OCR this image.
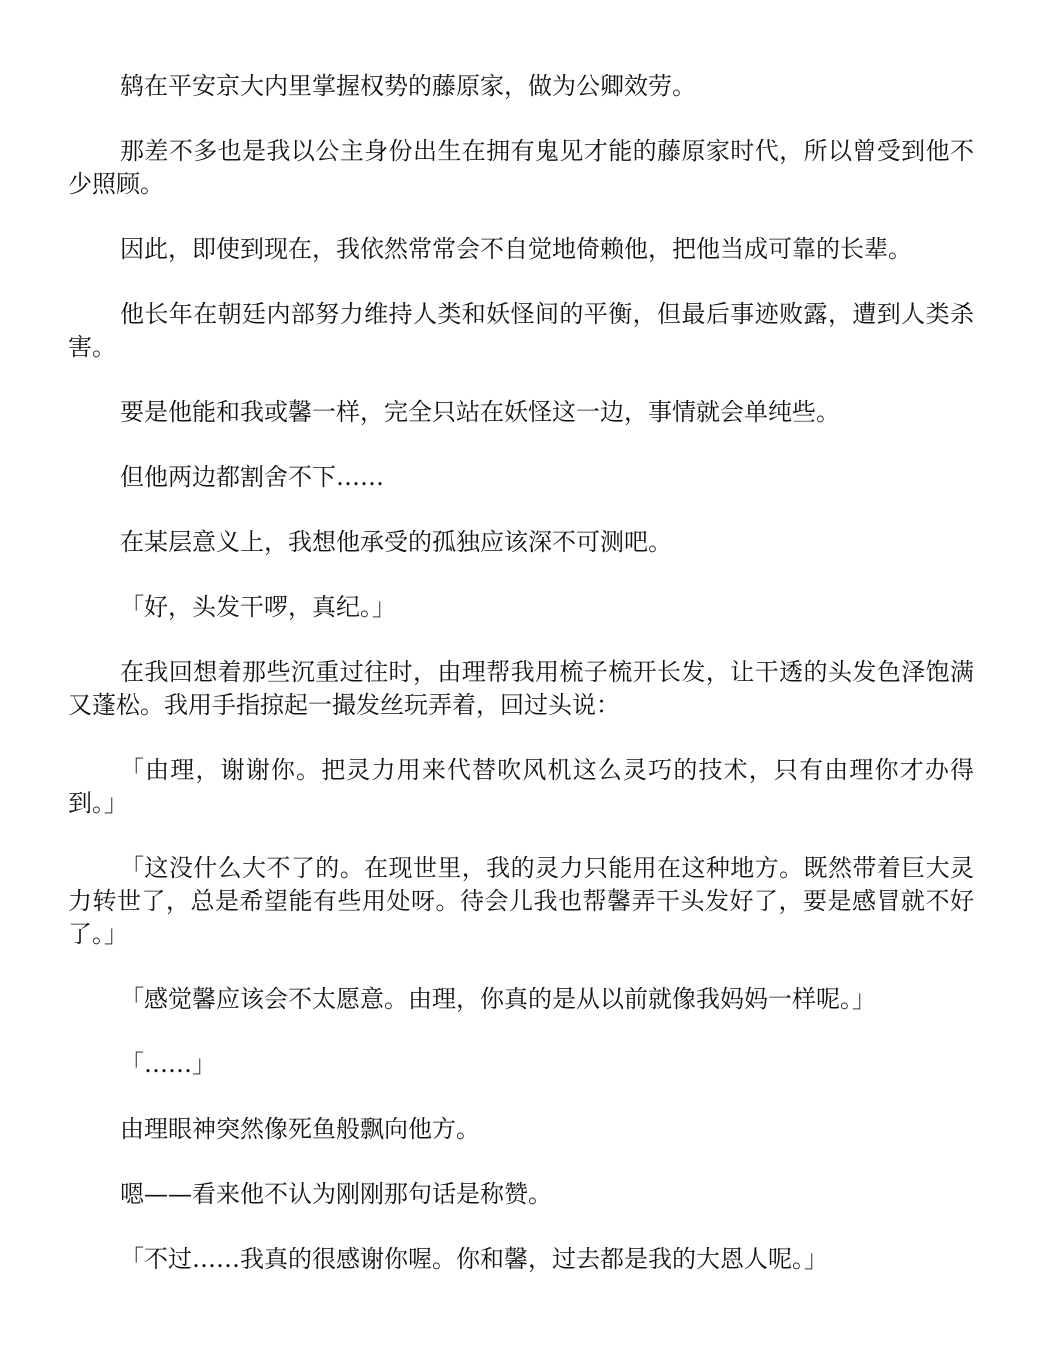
鸫在平安京大内里掌握权势的藤原家，做为公卿效劳。

那差不多也是我以公主身份出生在拥有鬼见才能的藤原家时代，所以曾受到他不少照顾。

因此，即使到现在，我依然常常会不自觉地倚赖他，把他当成可靠的长辈。

他长年在朝廷内部努力维持人类和妖怪间的平衡，但最后事迹败露，遭到人类杀害。

要是他能和我或馨一样，完全只站在妖怪这一边，事情就会单纯些。

但他两边都割舍不下……

在某层意义上，我想他承受的孤独应该深不可测吧。

「好，头发干啰，真纪。」

在我回想着那些沉重过往时，由理帮我用梳子梳开长发，让干透的头发色泽饱满又蓬松。我用手指掠起一撮发丝玩弄着，回过头说：

「由理，谢谢你。把灵力用来代替吹风机这么灵巧的技术，只有由理你才办得到。」

「这没什么大不了的。在现世里，我的灵力只能用在这种地方。既然带着巨大灵力转世了，总是希望能有些用处呀。待会儿我也帮馨弄干头发好了，要是感冒就不好了。」

「感觉馨应该会不太愿意。由理，你真的是从以前就像我妈妈一样呢。」

「……」

由理眼神突然像死鱼般飘向他方。

嗯——看来他不认为刚刚那句话是称赞。

「不过……我真的很感谢你喔。你和馨，过去都是我的大恩人呢。」
